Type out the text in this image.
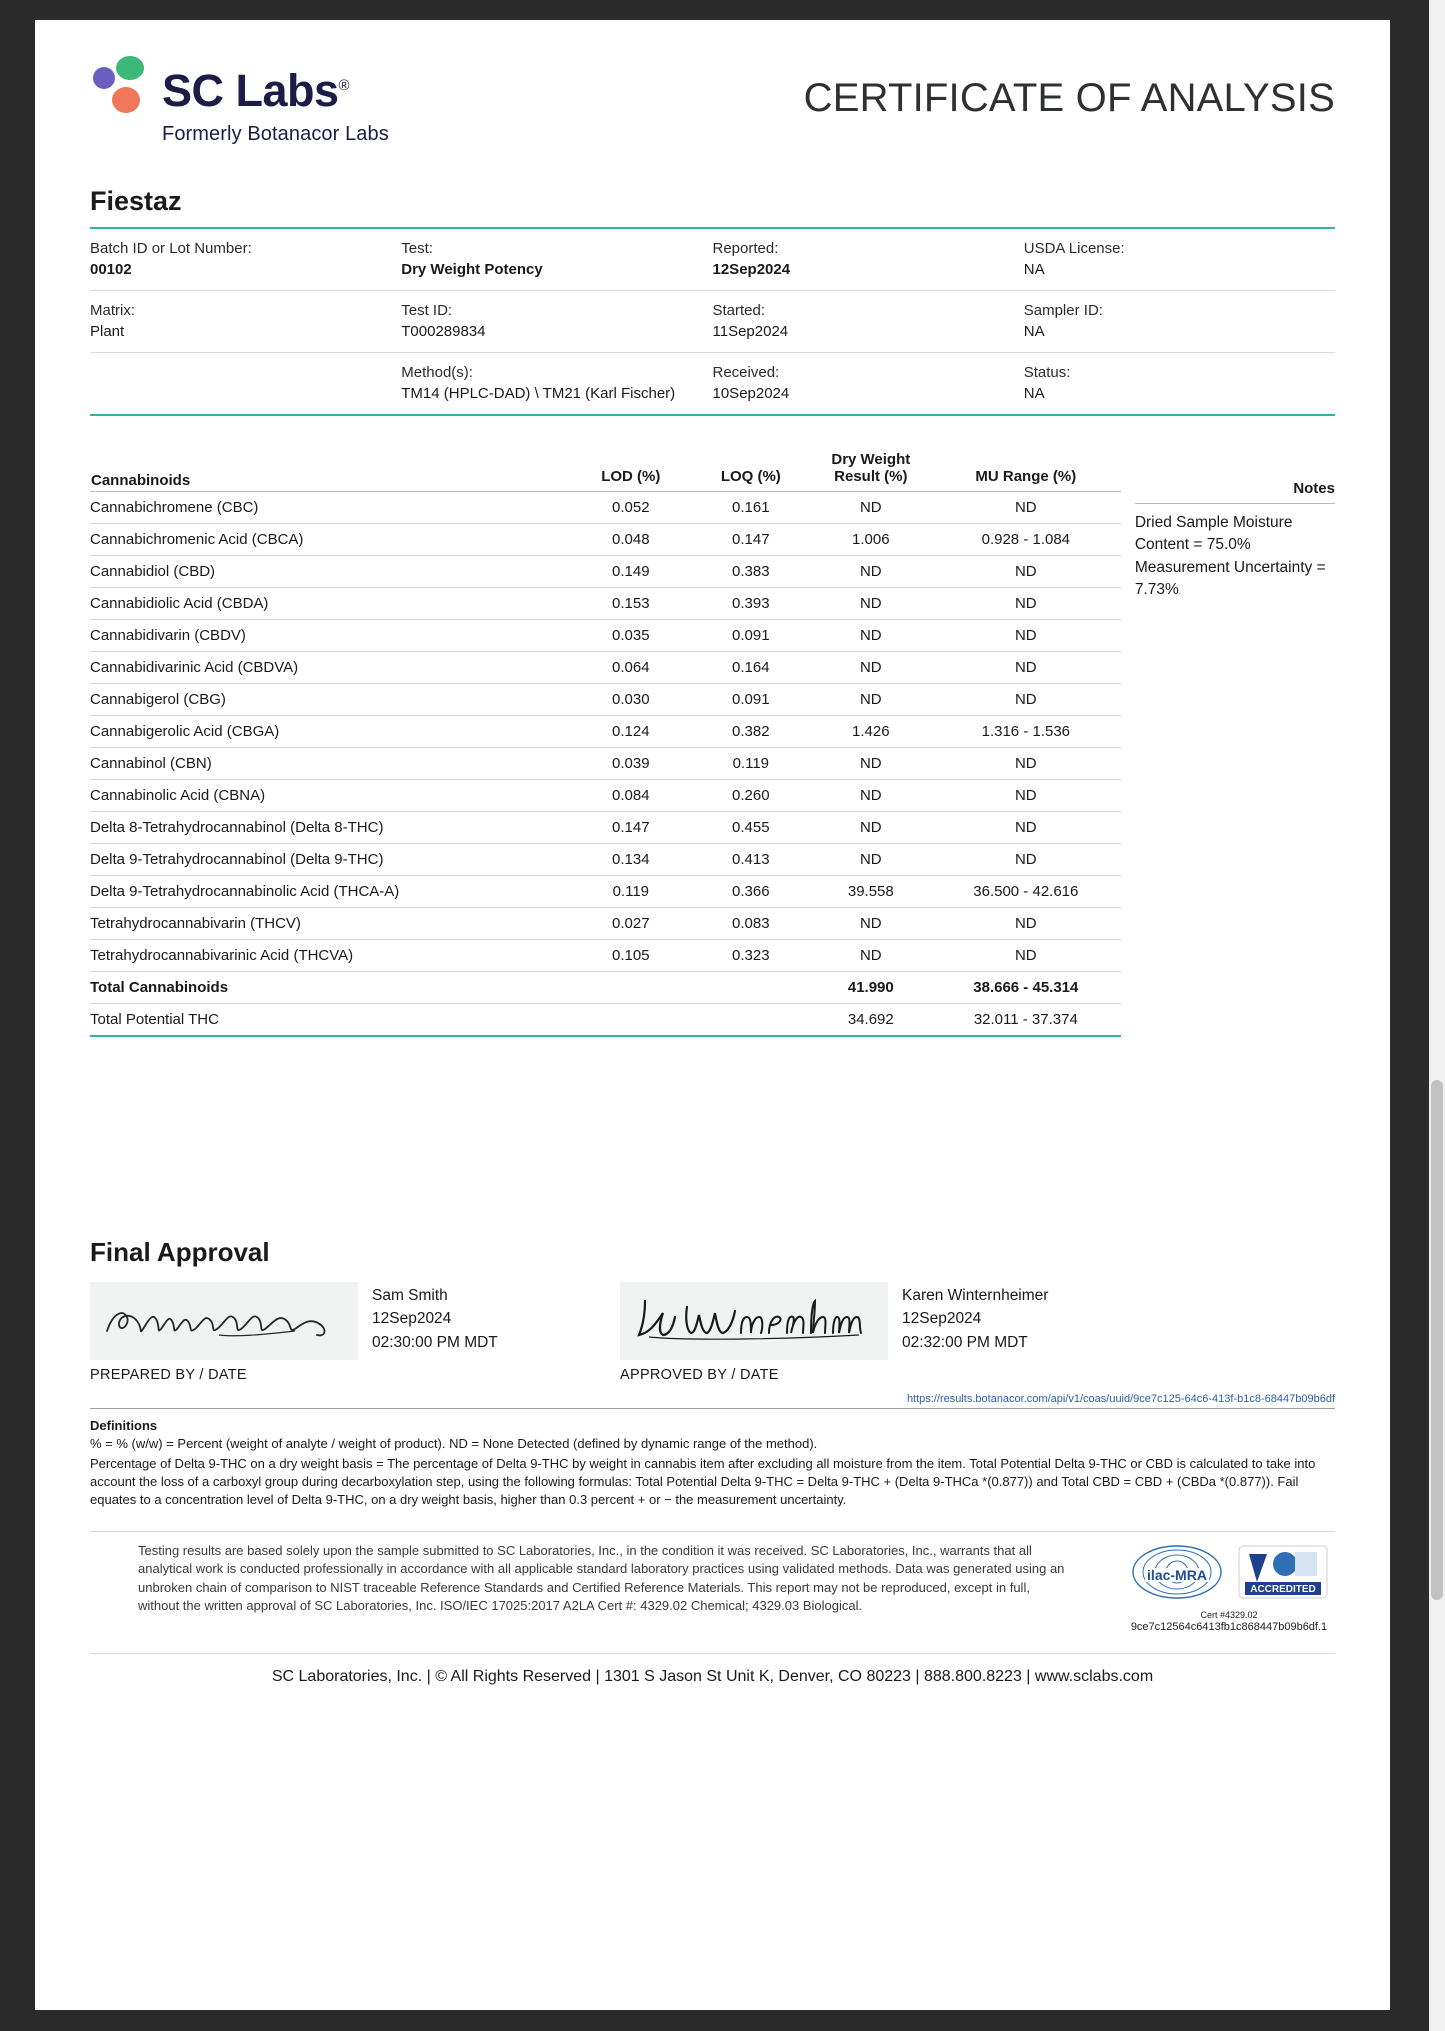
SC Labs®
Formerly Botanacor Labs
CERTIFICATE OF ANALYSIS
Fiestaz
Batch ID or Lot Number:
00102
Test:
Dry Weight Potency
Reported:
12Sep2024
USDA License:
NA
Matrix:
Plant
Test ID:
T000289834
Started:
11Sep2024
Sampler ID:
NA
Method(s):
TM14 (HPLC-DAD) \ TM21 (Karl Fischer)
Received:
10Sep2024
Status:
NA
Cannabinoids	LOD (%)	LOQ (%)	Dry Weight
Result (%)	MU Range (%)
Cannabichromene (CBC)	0.052	0.161	ND	ND
Cannabichromenic Acid (CBCA)	0.048	0.147	1.006	0.928 - 1.084
Cannabidiol (CBD)	0.149	0.383	ND	ND
Cannabidiolic Acid (CBDA)	0.153	0.393	ND	ND
Cannabidivarin (CBDV)	0.035	0.091	ND	ND
Cannabidivarinic Acid (CBDVA)	0.064	0.164	ND	ND
Cannabigerol (CBG)	0.030	0.091	ND	ND
Cannabigerolic Acid (CBGA)	0.124	0.382	1.426	1.316 - 1.536
Cannabinol (CBN)	0.039	0.119	ND	ND
Cannabinolic Acid (CBNA)	0.084	0.260	ND	ND
Delta 8-Tetrahydrocannabinol (Delta 8-THC)	0.147	0.455	ND	ND
Delta 9-Tetrahydrocannabinol (Delta 9-THC)	0.134	0.413	ND	ND
Delta 9-Tetrahydrocannabinolic Acid (THCA-A)	0.119	0.366	39.558	36.500 - 42.616
Tetrahydrocannabivarin (THCV)	0.027	0.083	ND	ND
Tetrahydrocannabivarinic Acid (THCVA)	0.105	0.323	ND	ND
Total Cannabinoids			41.990	38.666 - 45.314
Total Potential THC			34.692	32.011 - 37.374
Notes
Dried Sample Moisture Content = 75.0% Measurement Uncertainty = 7.73%
Final Approval
Sam Smith
12Sep2024
02:30:00 PM MDT
Karen Winternheimer
12Sep2024
02:32:00 PM MDT
PREPARED BY / DATE	APPROVED BY / DATE
https://results.botanacor.com/api/v1/coas/uuid/9ce7c125-64c6-413f-b1c8-68447b09b6df
Definitions
% = % (w/w) = Percent (weight of analyte / weight of product). ND = None Detected (defined by dynamic range of the method).
Percentage of Delta 9-THC on a dry weight basis = The percentage of Delta 9-THC by weight in cannabis item after excluding all moisture from the item. Total Potential Delta 9-THC or CBD is calculated to take into account the loss of a carboxyl group during decarboxylation step, using the following formulas: Total Potential Delta 9-THC = Delta 9-THC + (Delta 9-THCa *(0.877)) and Total CBD = CBD + (CBDa *(0.877)). Fail equates to a concentration level of Delta 9-THC, on a dry weight basis, higher than 0.3 percent + or − the measurement uncertainty.
Testing results are based solely upon the sample submitted to SC Laboratories, Inc., in the condition it was received. SC Laboratories, Inc., warrants that all analytical work is conducted professionally in accordance with all applicable standard laboratory practices using validated methods. Data was generated using an unbroken chain of comparison to NIST traceable Reference Standards and Certified Reference Materials. This report may not be reproduced, except in full, without the written approval of SC Laboratories, Inc. ISO/IEC 17025:2017 A2LA Cert #: 4329.02 Chemical; 4329.03 Biological.
ilac-MRA
ACCREDITED
Cert #4329.02
9ce7c12564c6413fb1c868447b09b6df.1
SC Laboratories, Inc. | © All Rights Reserved | 1301 S Jason St Unit K, Denver, CO 80223 | 888.800.8223 | www.sclabs.com
